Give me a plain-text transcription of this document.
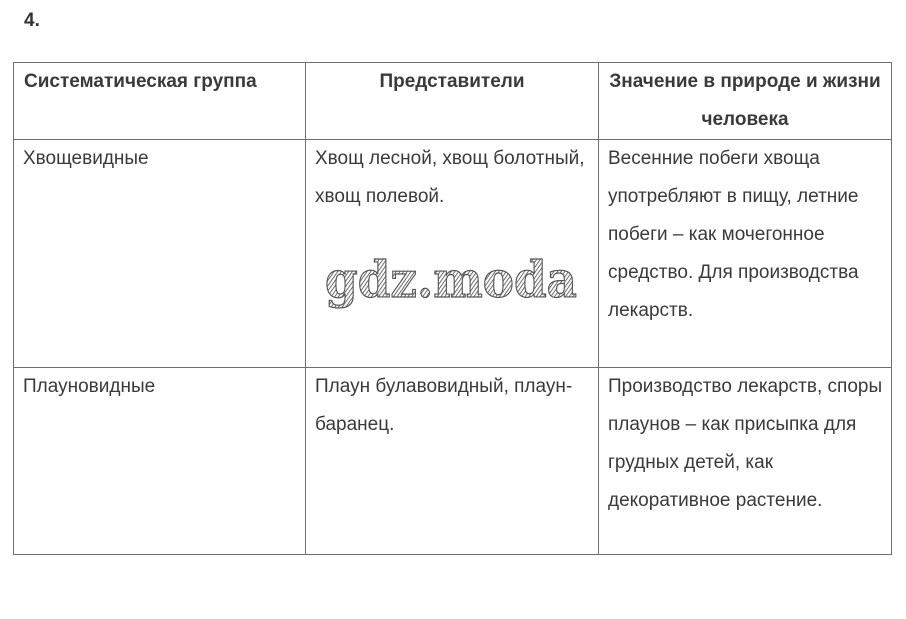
4.
Систематическая группа	Представители	Значение в природе и жизни человека

Хвощевидные	Хвощ лесной, хвощ болотный, хвощ полевой.	Весенние побеги хвоща употребляют в пищу, летние побеги – как мочегонное средство. Для производства лекарств.

Плауновидные	Плаун булавовидный, плаун-баранец.	Производство лекарств, споры плаунов – как присыпка для грудных детей, как декоративное растение.
gdz.moda
